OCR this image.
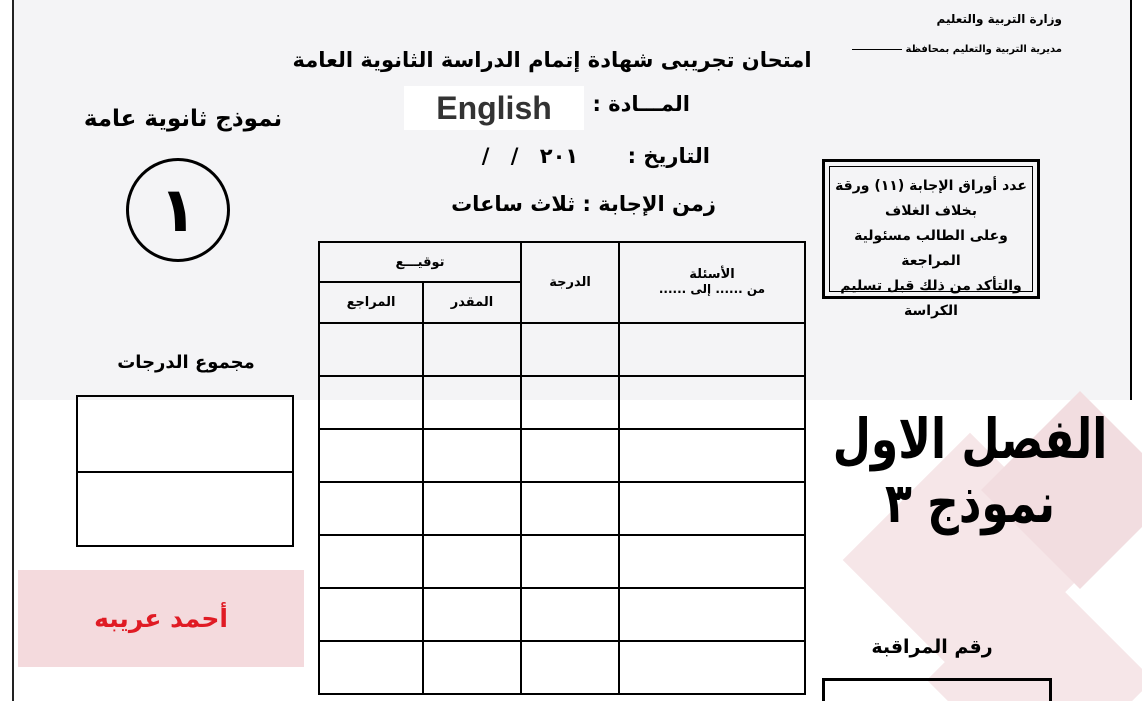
وزارة التربية والتعليم
مديرية التربية والتعليم بمحافظة
امتحان تجريبى شهادة إتمام الدراسة الثانوية العامة
المـــادة :
English
التاريخ :
/ / ٢٠١
زمن الإجابة : ثلاث ساعات
نموذج ثانوية عامة
١	عدد أوراق الإجابة (١١) ورقة
بخلاف الغلاف
وعلى الطالب مسئولية المراجعة
والتأكد من ذلك قبل تسليم الكراسة
الأسئلة	الدرجة	توقيـــع	
من ...... إلى ......		المقدر	المراجع

مجموع الدرجات
أحمد عريبه
الفصل الاول نموذج ٣
رقم المراقبة
